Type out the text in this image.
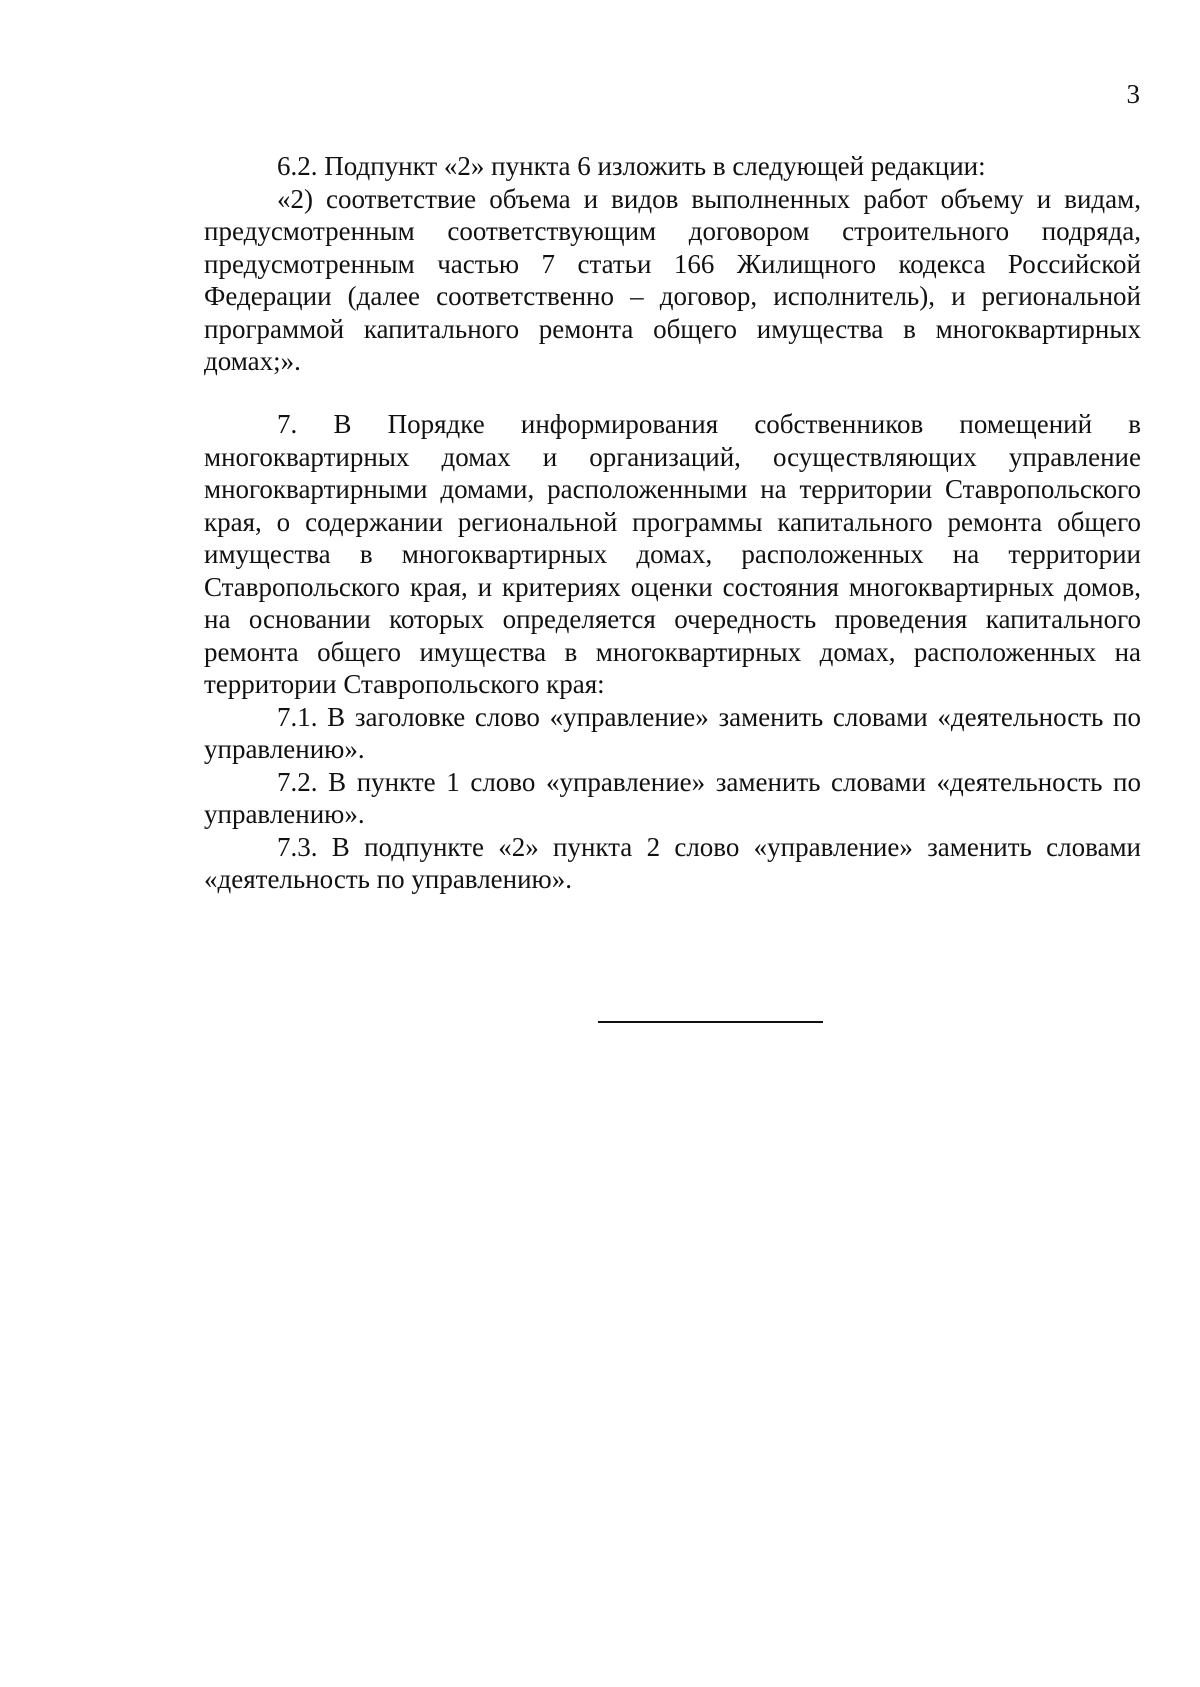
3

6.2. Подпункт «2» пункта 6 изложить в следующей редакции:

«2) соответствие объема и видов выполненных работ объему и видам, предусмотренным соответствующим договором строительного подряда, предусмотренным частью 7 статьи 166 Жилищного кодекса Российской Федерации (далее соответственно – договор, исполнитель), и региональной программой капитального ремонта общего имущества в многоквартирных домах;».

7. В Порядке информирования собственников помещений в многоквартирных домах и организаций, осуществляющих управление многоквартирными домами, расположенными на территории Ставропольского края, о содержании региональной программы капитального ремонта общего имущества в многоквартирных домах, расположенных на территории Ставропольского края, и критериях оценки состояния многоквартирных домов, на основании которых определяется очередность проведения капитального ремонта общего имущества в многоквартирных домах, расположенных на территории Ставропольского края:

7.1. В заголовке слово «управление» заменить словами «деятельность по управлению».

7.2. В пункте 1 слово «управление» заменить словами «деятельность по управлению».

7.3. В подпункте «2» пункта 2 слово «управление» заменить словами «деятельность по управлению».
